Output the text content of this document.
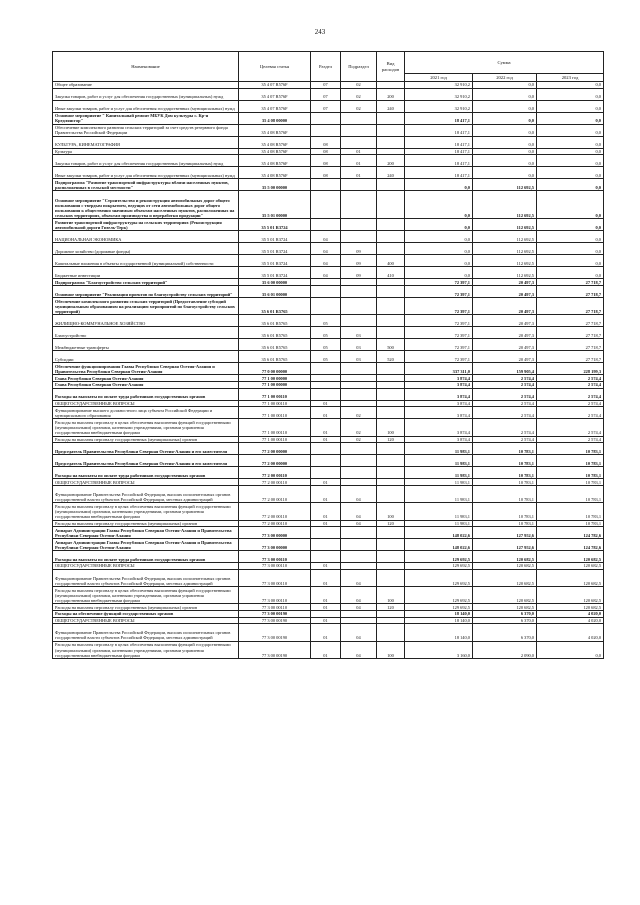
243
Наименование	Целевая статья	Раздел	Подраздел	Вид расходов	Сумма		
					2021 год	2022 год	2023 год
Общее образование	35 4 07 R576F	07	02		32 910,2	0,0	0,0
Закупка товаров, работ и услуг для обеспечения государственных (муниципальных) нужд	35 4 07 R576F	07	02	200	32 910,2	0,0	0,0
Иные закупки товаров, работ и услуг для обеспечения государственных (муниципальных) нужд	35 4 07 R576F	07	02	240	32 910,2	0,0	0,0
Основное мероприятие " Капитальный ремонт МБУК Дом культуры с. Кр-н Кредлянсгор"	35 4 08 00000				18 417,1	0,0	0,0
Обеспечение комплексного развития сельских территорий за счет средств резервного фонда Правительства Российской Федерации	35 4 08 R576F				18 417,1	0,0	0,0
КУЛЬТУРА, КИНЕМАТОГРАФИЯ	35 4 08 R576F	08			18 417,1	0,0	0,0
Культура	35 4 08 R576F	08	01		18 417,1	0,0	0,0
Закупка товаров, работ и услуг для обеспечения государственных (муниципальных) нужд	35 4 08 R576F	08	01	200	18 417,1	0,0	0,0
Иные закупки товаров, работ и услуг для обеспечения государственных (муниципальных) нужд	35 4 08 R576F	08	01	240	18 417,1	0,0	0,0
Подпрограмма "Развитие транспортной инфраструктуры вблизи населенных пунктов, расположенных в сельской местности"	35 5 00 00000				0,0	112 692,5	0,0
Основное мероприятие "Строительство и реконструкция автомобильных дорог общего пользования с твердым покрытием, ведущих от сети автомобильных дорог общего пользования к общественно значимым объектам населенных пунктов, расположенных на сельских территориях, объектам производства и переработки продукции"	35 5 01 00000				0,0	112 692,5	0,0
Развитие транспортной инфраструктуры на сельских территориях (Реконструкция автомобильной дороги Гизель-Терк)	35 5 01 R3724				0,0	112 692,5	0,0
НАЦИОНАЛЬНАЯ ЭКОНОМИКА	35 5 01 R3724	04			0,0	112 692,5	0,0
Дорожное хозяйство (дорожные фонды)	35 5 01 R3724	04	09		0,0	112 692,5	0,0
Капитальные вложения в объекты государственной (муниципальной) собственности	35 5 01 R3724	04	09	400	0,0	112 692,5	0,0
Бюджетные инвестиции	35 5 01 R3724	04	09	410	0,0	112 692,5	0,0
Подпрограмма "Благоустройство сельских территорий"	35 6 00 00000				72 397,1	20 497,3	27 718,7
Основное мероприятие "Реализация проектов по благоустройству сельских территорий"	35 6 01 00000				72 397,1	20 497,3	27 718,7
Обеспечение комплексного развития сельских территорий (Предоставление субсидий муниципальным образованиям на реализацию мероприятий по благоустройству сельских территорий)	35 6 01 R5765				72 397,1	20 497,3	27 718,7
ЖИЛИЩНО-КОММУНАЛЬНОЕ ХОЗЯЙСТВО	35 6 01 R5765	05			72 397,1	20 497,3	27 718,7
Благоустройство	35 6 01 R5765	05	03		72 397,1	20 497,3	27 718,7
Межбюджетные трансферты	35 6 01 R5765	05	03	500	72 397,1	20 497,3	27 718,7
Субсидии	35 6 01 R5765	05	03	520	72 397,1	20 497,3	27 718,7
Обеспечение функционирования Главы Республики Северная Осетия-Алания и Правительства Республики Северная Осетия-Алания	77 0 00 00000				337 311,0	159 905,4	228 199,3
Глава Республики Северная Осетия-Алания	77 1 00 00000				3 874,4	2 574,4	2 574,4
Глава Республики Северная Осетия-Алания	77 1 00 00000				3 874,4	2 574,4	2 574,4
Расходы на выплаты по оплате труда работников государственных органов	77 1 00 00110				3 874,4	2 574,4	2 574,4
ОБЩЕГОСУДАРСТВЕННЫЕ ВОПРОСЫ	77 1 00 00110	01			3 874,4	2 574,4	2 574,4
Функционирование высшего должностного лица субъекта Российской Федерации и муниципального образования	77 1 00 00110	01	02		3 874,4	2 574,4	2 574,4
Расходы на выплаты персоналу в целях обеспечения выполнения функций государственными (муниципальными) органами, казенными учреждениями, органами управления государственными внебюджетными фондами	77 1 00 00110	01	02	100	3 874,4	2 574,4	2 574,4
Расходы на выплаты персоналу государственных (муниципальных) органов	77 1 00 00110	01	02	120	3 874,4	2 574,4	2 574,4
Председатель Правительства Республики Северная Осетия-Алания и его заместители	77 2 00 00000				11 983,1	10 783,1	10 783,1
Председатель Правительства Республики Северная Осетия-Алания и его заместители	77 2 00 00000				11 983,1	10 783,1	10 783,1
Расходы на выплаты по оплате труда работников государственных органов	77 2 00 00110				11 983,1	10 783,1	10 783,1
ОБЩЕГОСУДАРСТВЕННЫЕ ВОПРОСЫ	77 2 00 00110	01			11 983,1	10 783,1	10 783,1
Функционирование Правительства Российской Федерации, высших исполнительных органов государственной власти субъектов Российской Федерации, местных администраций	77 2 00 00110	01	04		11 983,1	10 783,1	10 783,1
Расходы на выплаты персоналу в целях обеспечения выполнения функций государственными (муниципальными) органами, казенными учреждениями, органами управления государственными внебюджетными фондами	77 2 00 00110	01	04	100	11 983,1	10 783,1	10 783,1
Расходы на выплаты персоналу государственных (муниципальных) органов	77 2 00 00110	01	04	120	11 983,1	10 783,1	10 783,1
Аппарат Администрации Главы Республики Северная Осетия-Алания и Правительства Республики Северная Осетия-Алания	77 3 00 00000				148 022,6	127 952,6	124 782,6
Аппарат Администрации Главы Республики Северная Осетия-Алания и Правительства Республики Северная Осетия-Алания	77 3 00 00000				148 022,6	127 952,6	124 782,6
Расходы на выплаты по оплате труда работников государственных органов	77 3 00 00110				129 692,5	120 682,5	120 682,5
ОБЩЕГОСУДАРСТВЕННЫЕ ВОПРОСЫ	77 3 00 00110	01			129 692,5	120 682,5	120 682,5
Функционирование Правительства Российской Федерации, высших исполнительных органов государственной власти субъектов Российской Федерации, местных администраций	77 3 00 00110	01	04		129 692,5	120 682,5	120 682,5
Расходы на выплаты персоналу в целях обеспечения выполнения функций государственными (муниципальными) органами, казенными учреждениями, органами управления государственными внебюджетными фондами	77 3 00 00110	01	04	100	129 692,5	120 682,5	120 682,5
Расходы на выплаты персоналу государственных (муниципальных) органов	77 3 00 00110	01	04	120	129 692,5	120 682,5	120 682,5
Расходы на обеспечение функций государственных органов	77 3 00 00190				18 140,0	6 370,0	4 020,0
ОБЩЕГОСУДАРСТВЕННЫЕ ВОПРОСЫ	77 3 00 00190	01			18 140,0	6 370,0	4 020,0
Функционирование Правительства Российской Федерации, высших исполнительных органов государственной власти субъектов Российской Федерации, местных администраций	77 3 00 00190	01	04		18 140,0	6 370,0	4 020,0
Расходы на выплаты персоналу в целях обеспечения выполнения функций государственными (муниципальными) органами, казенными учреждениями, органами управления государственными внебюджетными фондами	77 3 00 00190	01	04	100	3 160,0	2 090,0	0,0
